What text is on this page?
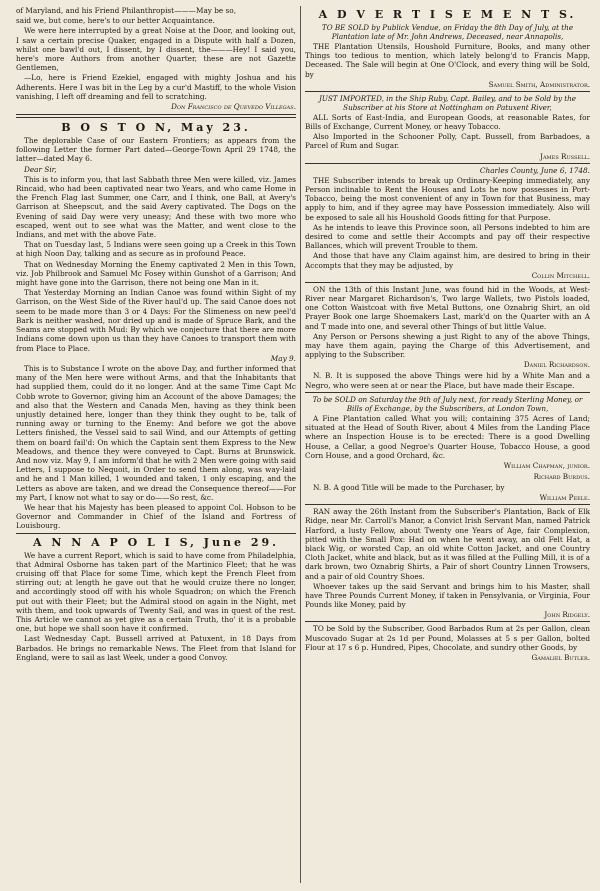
of Maryland, and his Friend Philanthropist———May be so,

said we, but come, here's to our better Acquaintance.

We were here interrupted by a great Noise at the Door, and looking out, I saw a certain precise Quaker, engaged in a Dispute with half a Dozen, whilst one bawl'd out, I dissent, by I dissent, the———Hey! I said you, here's more Authors from another Quarter, these are not Gazette Gentlemen,

—Lo, here is Friend Ezekiel, engaged with mighty Joshua and his Adherents. Here I was bit in the Leg by a cur'd Mastiff, to the whole Vision vanishing, I left off dreaming and fell to scratching.

Don Francisco de Quevedo Villegas.
B O S T O N, May 23.

The deplorable Case of our Eastern Frontiers; as appears from the following Letter the former Part dated—George-Town April 29 1748, the latter—dated May 6.

Dear Sir,

This is to inform you, that last Sabbath three Men were killed, viz. James Rincaid, who had been captivated near two Years, and who came Home in the French Flag last Summer, one Carr, and I think, one Ball, at Avery's Garrison at Sheepscut, and the said Avery captivated. The Dogs on the Evening of said Day were very uneasy; And these with two more who escaped, went out to see what was the Matter, and went close to the Indians, and met with the above Fate.

That on Tuesday last, 5 Indians were seen going up a Creek in this Town at high Noon Day, talking and as secure as in profound Peace.

That on Wednesday Morning the Enemy captivated 2 Men in this Town, viz. Job Philbrook and Samuel Mc Fosey within Gunshot of a Garrison; And might have gone into the Garrison, there not being one Man in it.

That Yesterday Morning an Indian Canoe was found within Sight of my Garrison, on the West Side of the River haul'd up. The said Canoe does not seem to be made more than 3 or 4 Days: For the Slimeness on new peel'd Bark is neither washed, nor dried up and is made of Spruce Bark, and the Seams are stopped with Mud: By which we conjecture that there are more Indians come down upon us than they have Canoes to transport them with from Place to Place.

May 9.

This is to Substance I wrote on the above Day, and further informed that many of the Men here were without Arms, and that the Inhabitants that had supplied them, could do it no longer. And at the same Time Capt Mc Cobb wrote to Governor, giving him an Account of the above Damages; the and also that the Western and Canada Men, having as they think been unjustly detained here, longer than they think they ought to be, talk of running away or turning to the Enemy: And before we got the above Letters finished, the Vessel said to sail Wind, and our Attempts of getting them on board fail'd: On which the Captain sent them Express to the New Meadows, and thence they were conveyed to Capt. Burns at Brunswick. And now viz. May 9, I am inform'd that he with 2 Men were going with said Letters, I suppose to Nequoit, in Order to send them along, was way-laid and he and 1 Man killed, 1 wounded and taken, 1 only escaping, and the Letters as above are taken, and we dread the Consequence thereof——For my Part, I know not what to say or do——So rest, &c.

We hear that his Majesty has been pleased to appoint Col. Hobson to be Governor and Commander in Chief of the Island and Fortress of Louisbourg.

A N N A P O L I S, June 29.

We have a current Report, which is said to have come from Philadelphia, that Admiral Osborne has taken part of the Martinico Fleet; that he was cruising off that Place for some Time, which kept the French Fleet from stirring out; at length he gave out that he would cruize there no longer, and accordingly stood off with his whole Squadron; on which the French put out with their Fleet; but the Admiral stood on again in the Night, met with them, and took upwards of Twenty Sail, and was in quest of the rest. This Article we cannot as yet give as a certain Truth, tho' it is a probable one, but hope we shall soon have it confirmed.

Last Wednesday Capt. Bussell arrived at Patuxent, in 18 Days from Barbados. He brings no remarkable News. The Fleet from that Island for England, were to sail as last Week, under a good Convoy.

A D V E R T I S E M E N T S.

TO BE SOLD by Publick Vendue, on Friday the 8th Day of July, at the Plantation late of Mr. John Andrews, Deceased, near Annapolis,

THE Plantation Utensils, Houshold Furniture, Books, and many other Things too tedious to mention, which lately belong'd to Francis Mapp, Deceased. The Sale will begin at One O'Clock, and every thing will be Sold, by

Samuel Smith, Administrator.

JUST IMPORTED, in the Ship Ruby, Capt. Bailey, and to be Sold by the Subscriber at his Store at Nottingham on Patuxent River,

ALL Sorts of East-India, and European Goods, at reasonable Rates, for Bills of Exchange, Current Money, or heavy Tobacco.

Also Imported in the Schooner Polly, Capt. Bussell, from Barbadoes, a Parcel of Rum and Sugar.

James Russell.

Charles County, June 6, 1748.

THE Subscriber intends to break up Ordinary-Keeping immediately, any Person inclinable to Rent the Houses and Lots he now possesses in Port-Tobacco, being the most convenient of any in Town for that Business, may apply to him, and if they agree may have Possession immediately. Also will be exposed to sale all his Houshold Goods fitting for that Purpose.

As he intends to leave this Province soon, all Persons indebted to him are desired to come and settle their Accompts and pay off their respective Ballances, which will prevent Trouble to them.

And those that have any Claim against him, are desired to bring in their Accompts that they may be adjusted, by

Collin Mitchell.

ON the 13th of this Instant June, was found hid in the Woods, at West-River near Margaret Richardson's, Two large Wallets, two Pistols loaded, one Cotton Waistcoat with five Metal Buttons, one Oznabrig Shirt, an old Prayer Book one large Shoemakers Last, mark'd on the Quarter with an A and T made into one, and several other Things of but little Value.

Any Person or Persons shewing a just Right to any of the above Things, may have them again, paying the Charge of this Advertisement, and applying to the Subscriber.

Daniel Richardson.

N. B. It is supposed the above Things were hid by a White Man and a Negro, who were seen at or near the Place, but have made their Escape.

To be SOLD on Saturday the 9th of July next, for ready Sterling Money, or Bills of Exchange, by the Subscribers, at London Town,

A Fine Plantation called What you will; containing 375 Acres of Land; situated at the Head of South River, about 4 Miles from the Landing Place where an Inspection House is to be erected: There is a good Dwelling House, a Cellar, a good Negroe's Quarter House, Tobacco House, a good Corn House, and a good Orchard, &c.

William Chapman, junior.
Richard Burdus.

N. B. A good Title will be made to the Purchaser, by

William Peele.

RAN away the 26th Instant from the Subscriber's Plantation, Back of Elk Ridge, near Mr. Carroll's Manor, a Convict Irish Servant Man, named Patrick Harford, a lusty Fellow, about Twenty one Years of Age, fair Complexion, pitted with the Small Pox: Had on when he went away, an old Felt Hat, a black Wig, or worsted Cap, an old white Cotton Jacket, and one Country Cloth Jacket, white and black, but as it was filled at the Fulling Mill, it is of a dark brown, two Oznabrig Shirts, a Pair of short Country Linnen Trowsers, and a pair of old Country Shoes.

Whoever takes up the said Servant and brings him to his Master, shall have Three Pounds Current Money, if taken in Pensylvania, or Virginia, Four Pounds like Money, paid by

John Ridgely.

TO be Sold by the Subscriber, Good Barbados Rum at 2s per Gallon, clean Muscovado Sugar at 2s 1d per Pound, Molasses at 5 s per Gallon, bolted Flour at 17 s 6 p. Hundred, Pipes, Chocolate, and sundry other Goods, by

Gamaliel Butler.
